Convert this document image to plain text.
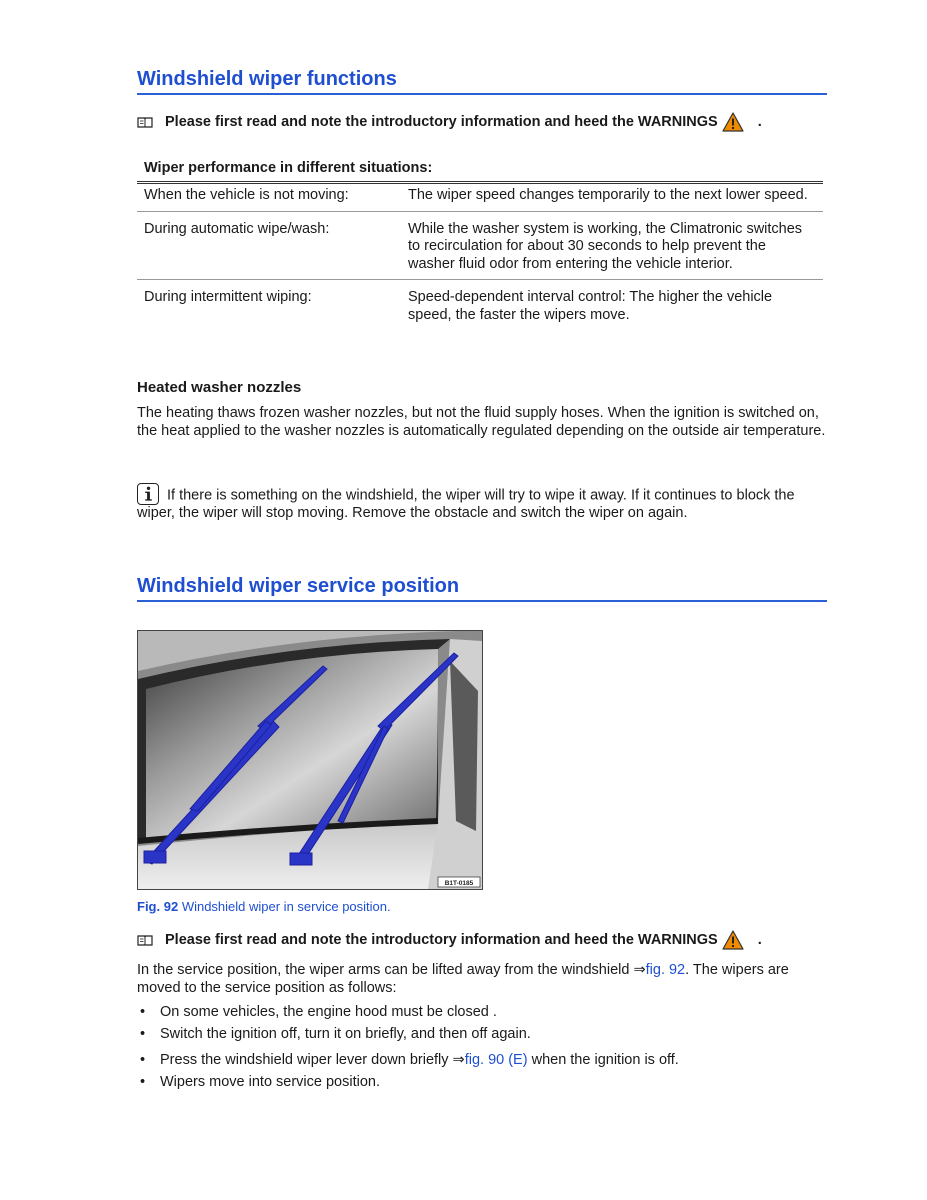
Windshield wiper functions
Please first read and note the introductory information and heed the WARNINGS	.
Wiper performance in different situations:
When the vehicle is not moving:	The wiper speed changes temporarily to the next lower speed.
During automatic wipe/wash:	While the washer system is working, the Climatronic switches to recirculation for about 30 seconds to help prevent the washer fluid odor from entering the vehicle interior.
During intermittent wiping:	Speed-dependent interval control: The higher the vehicle speed, the faster the wipers move.
Heated washer nozzles
The heating thaws frozen washer nozzles, but not the fluid supply hoses. When the ignition is switched on, the heat applied to the washer nozzles is automatically regulated depending on the outside air temperature.
If there is something on the windshield, the wiper will try to wipe it away. If it continues to block the wiper, the wiper will stop moving. Remove the obstacle and switch the wiper on again.
Windshield wiper service position
B1T-0185
Fig. 92 Windshield wiper in service position.
Please first read and note the introductory information and heed the WARNINGS	.
In the service position, the wiper arms can be lifted away from the windshield ⇒fig. 92. The wipers are moved to the service position as follows:
• On some vehicles, the engine hood must be closed .
• Switch the ignition off, turn it on briefly, and then off again.
• Press the windshield wiper lever down briefly ⇒fig. 90 (E) when the ignition is off.
• Wipers move into service position.
